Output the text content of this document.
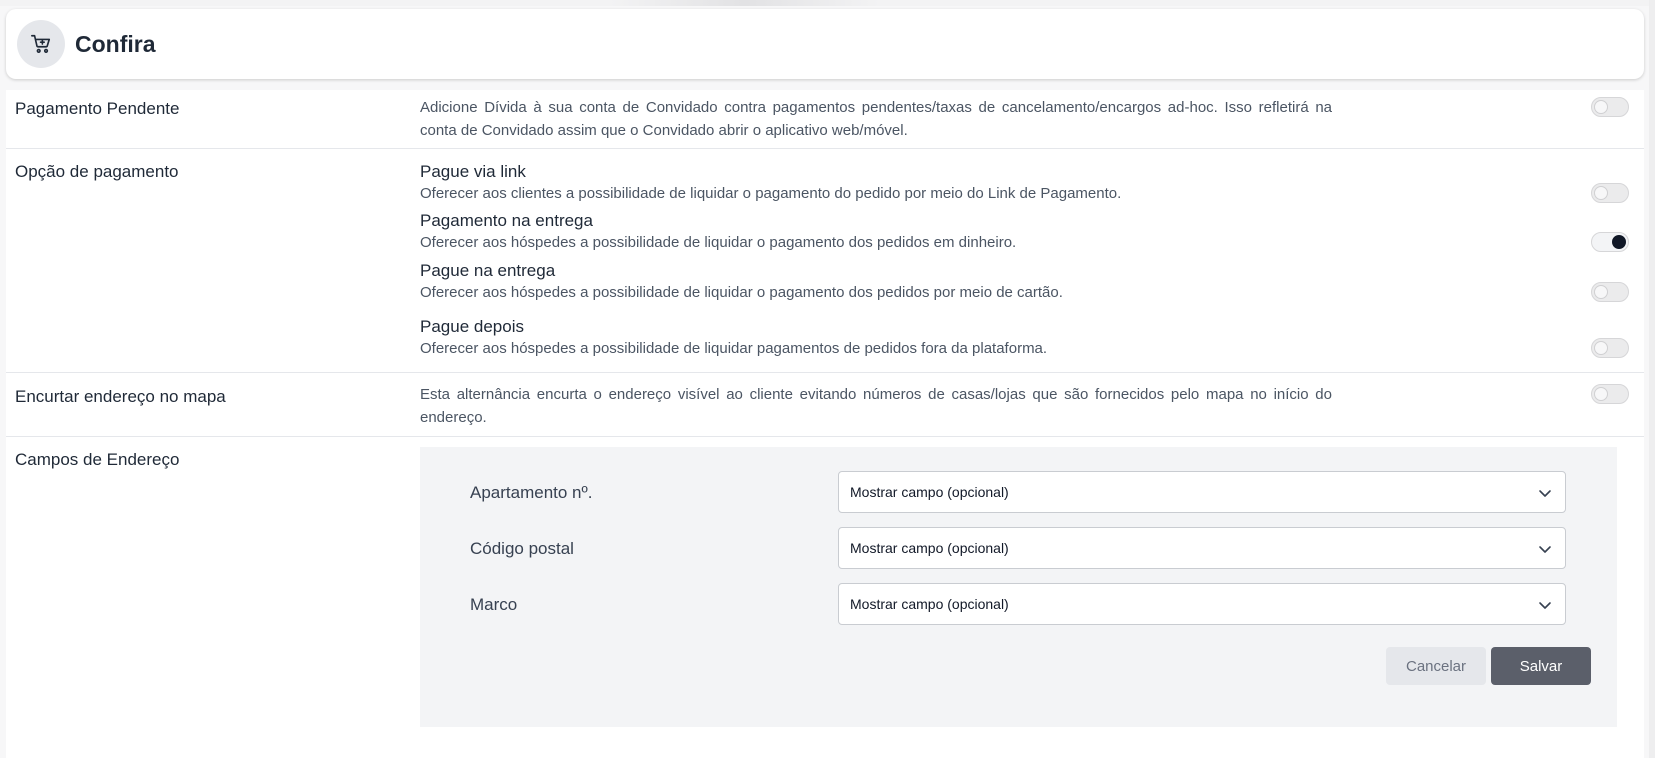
Confira
Pagamento Pendente	Adicione Dívida à sua conta de Convidado contra pagamentos pendentes/taxas de cancelamento/encargos ad-hoc. Isso refletirá na conta de Convidado assim que o Convidado abrir o aplicativo web/móvel.
Opção de pagamento	Pague via link
Oferecer aos clientes a possibilidade de liquidar o pagamento do pedido por meio do Link de Pagamento.
Pagamento na entrega
Oferecer aos hóspedes a possibilidade de liquidar o pagamento dos pedidos em dinheiro.
Pague na entrega
Oferecer aos hóspedes a possibilidade de liquidar o pagamento dos pedidos por meio de cartão.
Pague depois
Oferecer aos hóspedes a possibilidade de liquidar pagamentos de pedidos fora da plataforma.
Encurtar endereço no mapa	Esta alternância encurta o endereço visível ao cliente evitando números de casas/lojas que são fornecidos pelo mapa no início do endereço.
Campos de Endereço
Apartamento nº.	Mostrar campo (opcional)
Código postal	Mostrar campo (opcional)
Marco	Mostrar campo (opcional)
Cancelar	Salvar
